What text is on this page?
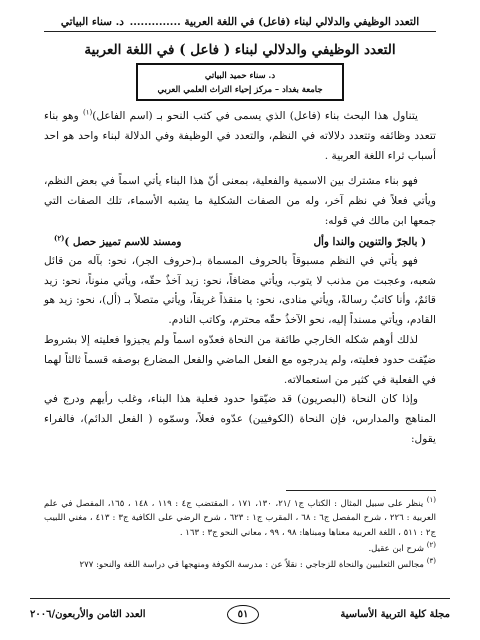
التعدد الوظيفي والدلالي لبناء (فاعل) في اللغة العربية .............. د. سناء البياتي
التعدد الوظيفي والدلالي لبناء ( فاعل ) في اللغة العربية
د. سناء حميد البياتي
جامعة بغداد – مركز إحياء التراث العلمي العربي

يتناول هذا البحث بناء (فاعل) الذي يسمى في كتب النحو بـ (اسم الفاعل)$^{(١)}$ وهو بناء تتعدد وظائفه وتتعدد دلالاته في النظم، والتعدد في الوظيفة وفي الدلالة لبناء واحد هو احد أسباب ثراء اللغة العربية .

فهو بناء مشترك بين الاسمية والفعلية، بمعنى أنّ هذا البناء يأتي اسماً في بعض النظم، ويأتي فعلاً في نظم آخر، وله من الصفات الشكلية ما يشبه الأسماء، تلك الصفات التي جمعها ابن مالك في قوله:

( بالجرّ والتنوين والندا وأل
ومسند للاسم تمييز حصل )$^{(٢)}$

فهو يأتي في النظم مسبوقاً بالحروف المسماة بـ(حروف الجر)، نحو: بآله من قائل شعبه، وعجبت من مذنب لا يتوب، ويأتي مضافاً، نحو: زيد آخذٌ حقّه، ويأتي منوناً، نحو: زيد قائمٌ، وأنا كاتبٌ رسالةً، ويأتي منادى، نحو: يا منقذاً غريقاً، ويأتي متصلاً بـ (أل)، نحو: زيد هو القادم، ويأتي مسنداً إليه، نحو الآخذُ حقّه محترم، وكاتب النادم.

لذلك أوهم شكله الخارجي طائفة من النحاة فعدّوه اسماً ولم يجيزوا فعليته إلا بشروط ضيّقت حدود فعليته، ولم يدرجوه مع الفعل الماضي والفعل المضارع بوصفه قسماً ثالثاً لهما في الفعلية في كثير من استعمالاته.

وإذا كان النحاة (البصريون) قد ضيّقوا حدود فعلية هذا البناء، وغلب رأيهم ودرج في المناهج والمدارس، فإن النحاة (الكوفيين) عدّوه فعلاً، وسمّوه ( الفعل الدائم)، فالفراء يقول:

$^{(١)}$ ينظر على سبيل المثال : الكتاب ج١ /٢١، ١٣٠، ١٧١ ، المقتضب ج٤ : ١١٩ ، ١٤٨ ، ١٦٥، المفصل في علم العربية : ٢٢٦ ، شرح المفصل ج٦ : ٦٨ ، المقرب ج١ : ٦٢٣ ، شرح الرضي على الكافية ج٣ : ٤١٣ ، مغني اللبيب ج٢ : ٥١١ ، اللغة العربية معناها ومبناها: ٩٨ ، ٩٩ ، معاني النحو ج٣ : ١٦٣ .

$^{(٢)}$ شرح ابن عقيل.

$^{(٣)}$ مجالس الثعلبيين والنحاة للزجاجي : نقلاً عن : مدرسة الكوفة ومنهجها في دراسة اللغة والنحو: ٢٧٧

مجلة كلية التربية الأساسية
٥١
العدد الثامن والأربعون/٢٠٠٦
